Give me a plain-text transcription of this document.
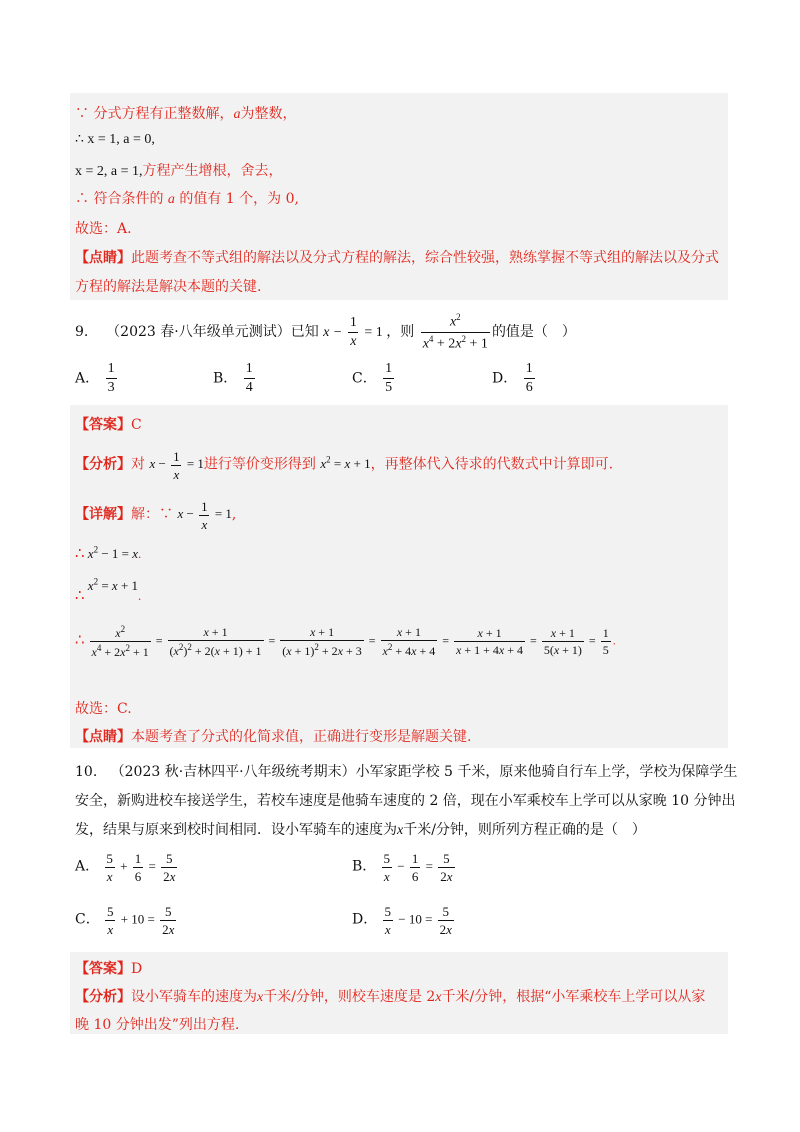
∵ 分式方程有正整数解，a为整数，
∴ x = 1, a = 0,
x = 2, a = 1,方程产生增根，舍去，
∴ 符合条件的 a 的值有 1 个，为 0,
故选：A.
【点睛】此题考查不等式组的解法以及分式方程的解法，综合性较强，熟练掌握不等式组的解法以及分式
方程的解法是解决本题的关键.
9. （2023 春·八年级单元测试）已知 $x - \frac{1}{x} = 1$ ，则 $\frac{x^2}{x^4 + 2x^2 + 1}$ 的值是（　）
A． $\frac{1}{3}$	B． $\frac{1}{4}$	C． $\frac{1}{5}$	D． $\frac{1}{6}$
【答案】C
【分析】对 $x - \frac{1}{x} = 1$进行等价变形得到 $x^2 = x + 1$，再整体代入待求的代数式中计算即可.
【详解】解：∵ $x - \frac{1}{x} = 1$,
∴ $x^2 - 1 = x$.
∴ $x^2 = x + 1$.
∴ $\frac{x^2}{x^4 + 2x^2 + 1} = \frac{x + 1}{(x^2)^2 + 2(x + 1) + 1} = \frac{x + 1}{(x + 1)^2 + 2x + 3} = \frac{x + 1}{x^2 + 4x + 4} = \frac{x + 1}{x + 1 + 4x + 4} = \frac{x + 1}{5(x + 1)} = \frac{1}{5}$ .
故选：C.
【点睛】本题考查了分式的化简求值，正确进行变形是解题关键.
10. （2023 秋·吉林四平·八年级统考期末）小军家距学校 5 千米，原来他骑自行车上学，学校为保障学生
安全，新购进校车接送学生，若校车速度是他骑车速度的 2 倍，现在小军乘校车上学可以从家晚 10 分钟出
发，结果与原来到校时间相同．设小军骑车的速度为x千米/分钟，则所列方程正确的是（　）
A． $\frac{5}{x} + \frac{1}{6} = \frac{5}{2x}$	B． $\frac{5}{x} - \frac{1}{6} = \frac{5}{2x}$
C． $\frac{5}{x} + 10 = \frac{5}{2x}$	D． $\frac{5}{x} - 10 = \frac{5}{2x}$
【答案】D
【分析】设小军骑车的速度为x千米/分钟，则校车速度是 2x千米/分钟，根据“小军乘校车上学可以从家
晚 10 分钟出发”列出方程.
